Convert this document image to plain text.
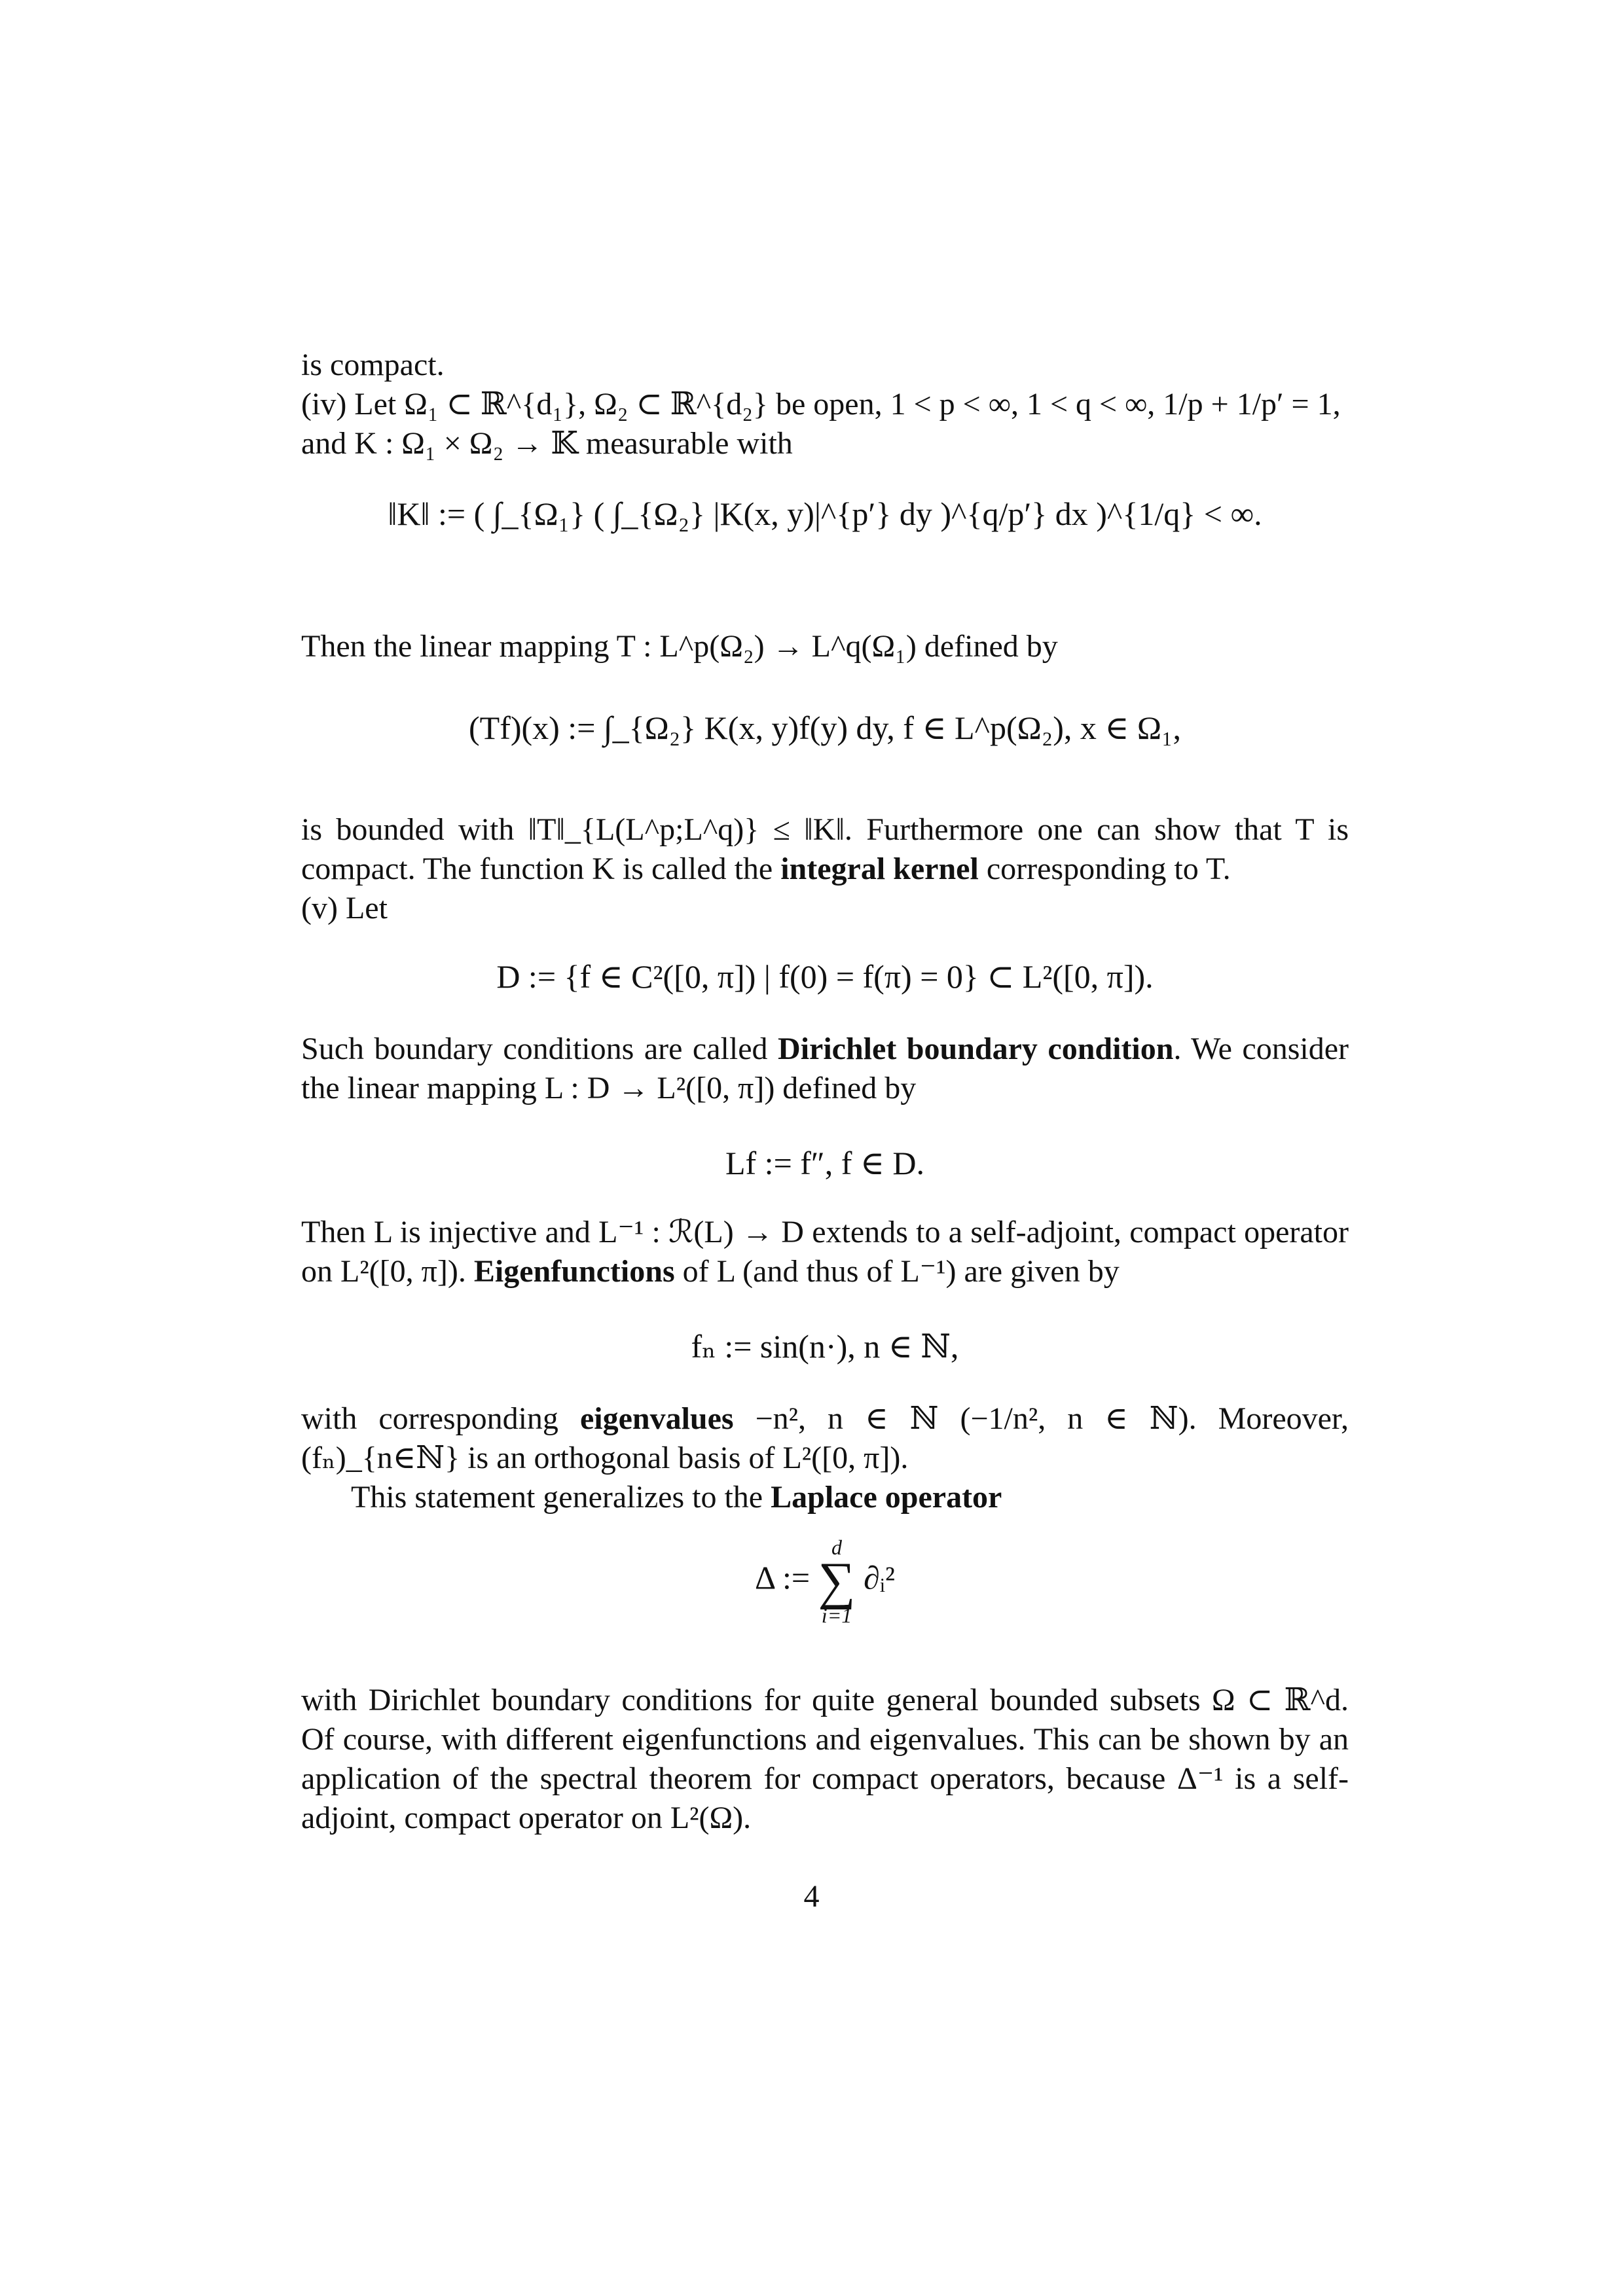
is compact.

(iv) Let Ω₁ ⊂ ℝ^{d₁}, Ω₂ ⊂ ℝ^{d₂} be open, 1 < p < ∞, 1 < q < ∞, 1/p + 1/p′ = 1,

and K : Ω₁ × Ω₂ → 𝕂 measurable with

‖K‖ := ( ∫_{Ω₁} ( ∫_{Ω₂} |K(x, y)|^{p′} dy )^{q/p′} dx )^{1/q} < ∞.

Then the linear mapping T : L^p(Ω₂) → L^q(Ω₁) defined by

(Tf)(x) := ∫_{Ω₂} K(x, y)f(y) dy, f ∈ L^p(Ω₂), x ∈ Ω₁,

is bounded with ‖T‖_{L(L^p;L^q)} ≤ ‖K‖. Furthermore one can show that T is compact. The function K is called the integral kernel corresponding to T.

(v) Let

D := {f ∈ C²([0, π]) | f(0) = f(π) = 0} ⊂ L²([0, π]).

Such boundary conditions are called Dirichlet boundary condition. We consider the linear mapping L : D → L²([0, π]) defined by

Lf := f″, f ∈ D.

Then L is injective and L⁻¹ : ℛ(L) → D extends to a self-adjoint, compact operator on L²([0, π]). Eigenfunctions of L (and thus of L⁻¹) are given by

fₙ := sin(n·), n ∈ ℕ,

with corresponding eigenvalues −n², n ∈ ℕ (−1/n², n ∈ ℕ). Moreover, (fₙ)_{n∈ℕ} is an orthogonal basis of L²([0, π]).

This statement generalizes to the Laplace operator

Δ :=
d
∑
i=1
∂ᵢ²

with Dirichlet boundary conditions for quite general bounded subsets Ω ⊂ ℝ^d. Of course, with different eigenfunctions and eigenvalues. This can be shown by an application of the spectral theorem for compact operators, because Δ⁻¹ is a self-adjoint, compact operator on L²(Ω).

4
